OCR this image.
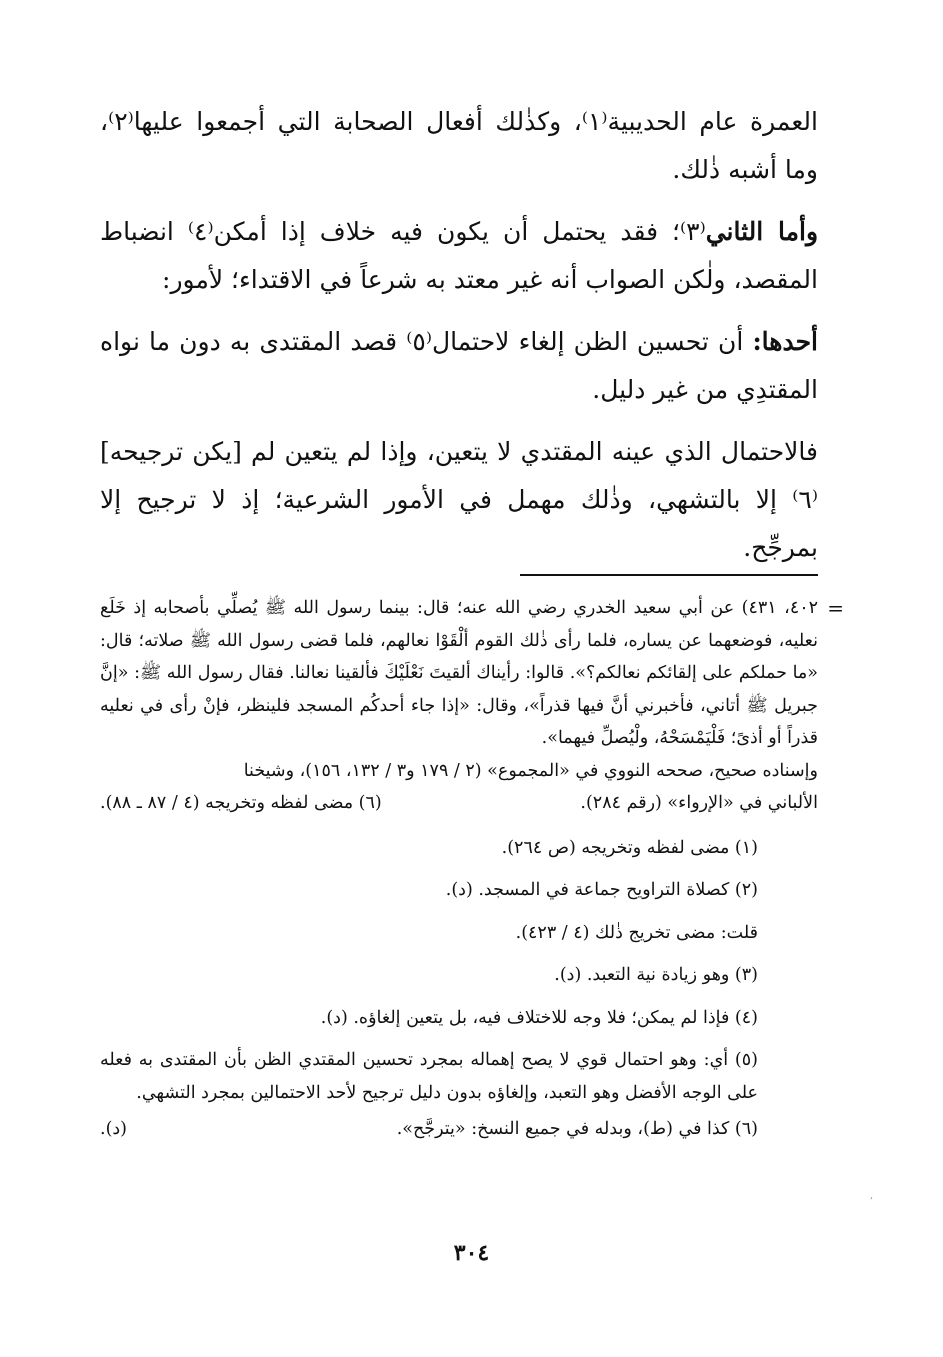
العمرة عام الحديبية⁽١⁾، وكذٰلك أفعال الصحابة التي أجمعوا عليها⁽٢⁾، وما أشبه ذٰلك.

وأما الثاني⁽٣⁾؛ فقد يحتمل أن يكون فيه خلاف إذا أمكن⁽٤⁾ انضباط المقصد، ولٰكن الصواب أنه غير معتد به شرعاً في الاقتداء؛ لأمور:

أحدها: أن تحسين الظن إلغاء لاحتمال⁽٥⁾ قصد المقتدى به دون ما نواه المقتدِي من غير دليل.

فالاحتمال الذي عينه المقتدي لا يتعين، وإذا لم يتعين لم [يكن ترجيحه]⁽٦⁾ إلا بالتشهي، وذٰلك مهمل في الأمور الشرعية؛ إذ لا ترجيح إلا بمرجِّح.

=

٤٠٢، ٤٣١) عن أبي سعيد الخدري رضي الله عنه؛ قال: بينما رسول الله ﷺ يُصلِّي بأصحابه إذ خَلَع نعليه، فوضعهما عن يساره، فلما رأى ذٰلك القوم ألْقَوْا نعالهم، فلما قضى رسول الله ﷺ صلاته؛ قال: «ما حملكم على إلقائكم نعالكم؟». قالوا: رأيناك ألقيتَ نَعْلَيْكَ فألقينا نعالنا. فقال رسول الله ﷺ: «إنَّ جبريل ﷺ أتاني، فأخبرني أنَّ فيها قذراً»، وقال: «إذا جاء أحدكُم المسجد فلينظر، فإنْ رأى في نعليه قذراً أو أذىً؛ فَلْيَمْسَحْهُ، ولْيُصلِّ فيهما».

وإسناده صحيح، صححه النووي في «المجموع» (٢ / ١٧٩ و٣ / ١٣٢، ١٥٦)، وشيخنا

الألباني في «الإرواء» (رقم ٢٨٤).
(٦) مضى لفظه وتخريجه (٤ / ٨٧ ـ ٨٨).

(١) مضى لفظه وتخريجه (ص ٢٦٤).

(٢) كصلاة التراويح جماعة في المسجد. (د).

قلت: مضى تخريج ذٰلك (٤ / ٤٢٣).

(٣) وهو زيادة نية التعبد. (د).

(٤) فإذا لم يمكن؛ فلا وجه للاختلاف فيه، بل يتعين إلغاؤه. (د).

(٥) أي: وهو احتمال قوي لا يصح إهماله بمجرد تحسين المقتدي الظن بأن المقتدى به فعله على الوجه الأفضل وهو التعبد، وإلغاؤه بدون دليل ترجيح لأحد الاحتمالين بمجرد التشهي.

(٦) كذا في (ط)، وبدله في جميع النسخ: «يترجَّح».
(د).
,
٣٠٤
